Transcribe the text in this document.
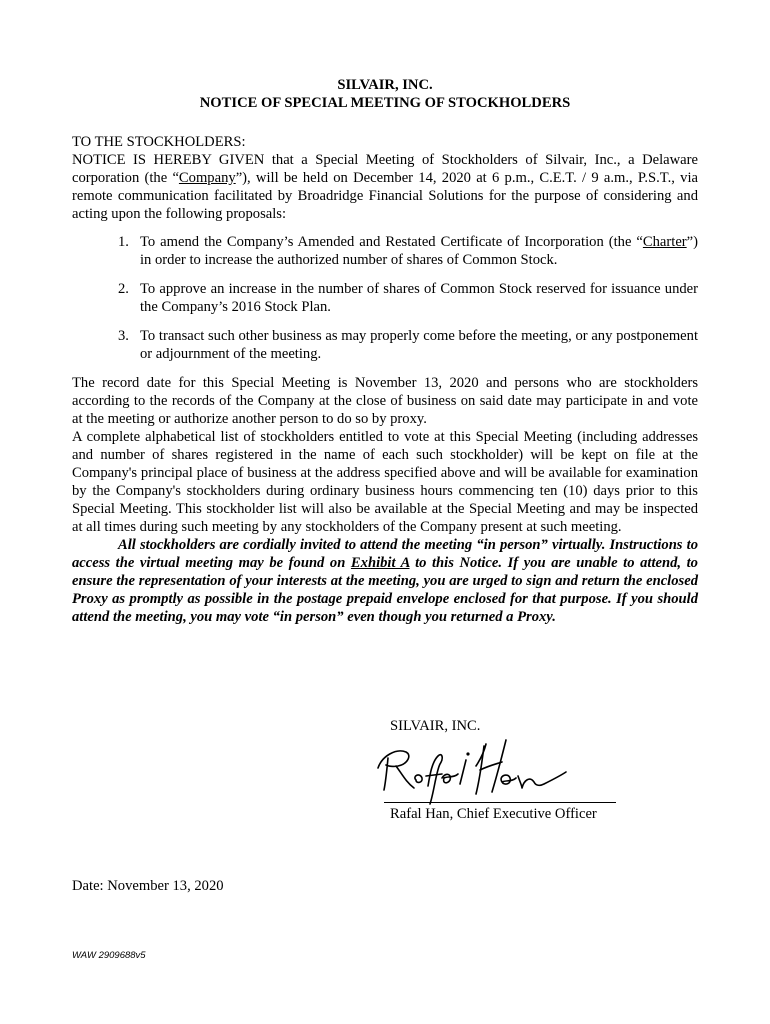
SILVAIR, INC.

NOTICE OF SPECIAL MEETING OF STOCKHOLDERS

TO THE STOCKHOLDERS:

NOTICE IS HEREBY GIVEN that a Special Meeting of Stockholders of Silvair, Inc., a Delaware corporation (the “Company”), will be held on December 14, 2020 at 6 p.m., C.E.T. / 9 a.m., P.S.T., via remote communication facilitated by Broadridge Financial Solutions for the purpose of considering and acting upon the following proposals:

1. To amend the Company’s Amended and Restated Certificate of Incorporation (the “Charter”) in order to increase the authorized number of shares of Common Stock.
2. To approve an increase in the number of shares of Common Stock reserved for issuance under the Company’s 2016 Stock Plan.
3. To transact such other business as may properly come before the meeting, or any postponement or adjournment of the meeting.

The record date for this Special Meeting is November 13, 2020 and persons who are stockholders according to the records of the Company at the close of business on said date may participate in and vote at the meeting or authorize another person to do so by proxy.

A complete alphabetical list of stockholders entitled to vote at this Special Meeting (including addresses and number of shares registered in the name of each such stockholder) will be kept on file at the Company's principal place of business at the address specified above and will be available for examination by the Company's stockholders during ordinary business hours commencing ten (10) days prior to this Special Meeting. This stockholder list will also be available at the Special Meeting and may be inspected at all times during such meeting by any stockholders of the Company present at such meeting.

All stockholders are cordially invited to attend the meeting “in person” virtually. Instructions to access the virtual meeting may be found on Exhibit A to this Notice. If you are unable to attend, to ensure the representation of your interests at the meeting, you are urged to sign and return the enclosed Proxy as promptly as possible in the postage prepaid envelope enclosed for that purpose. If you should attend the meeting, you may vote “in person” even though you returned a Proxy.

SILVAIR, INC.

Rafal Han, Chief Executive Officer

Date: November 13, 2020

WAW 2909688v5
